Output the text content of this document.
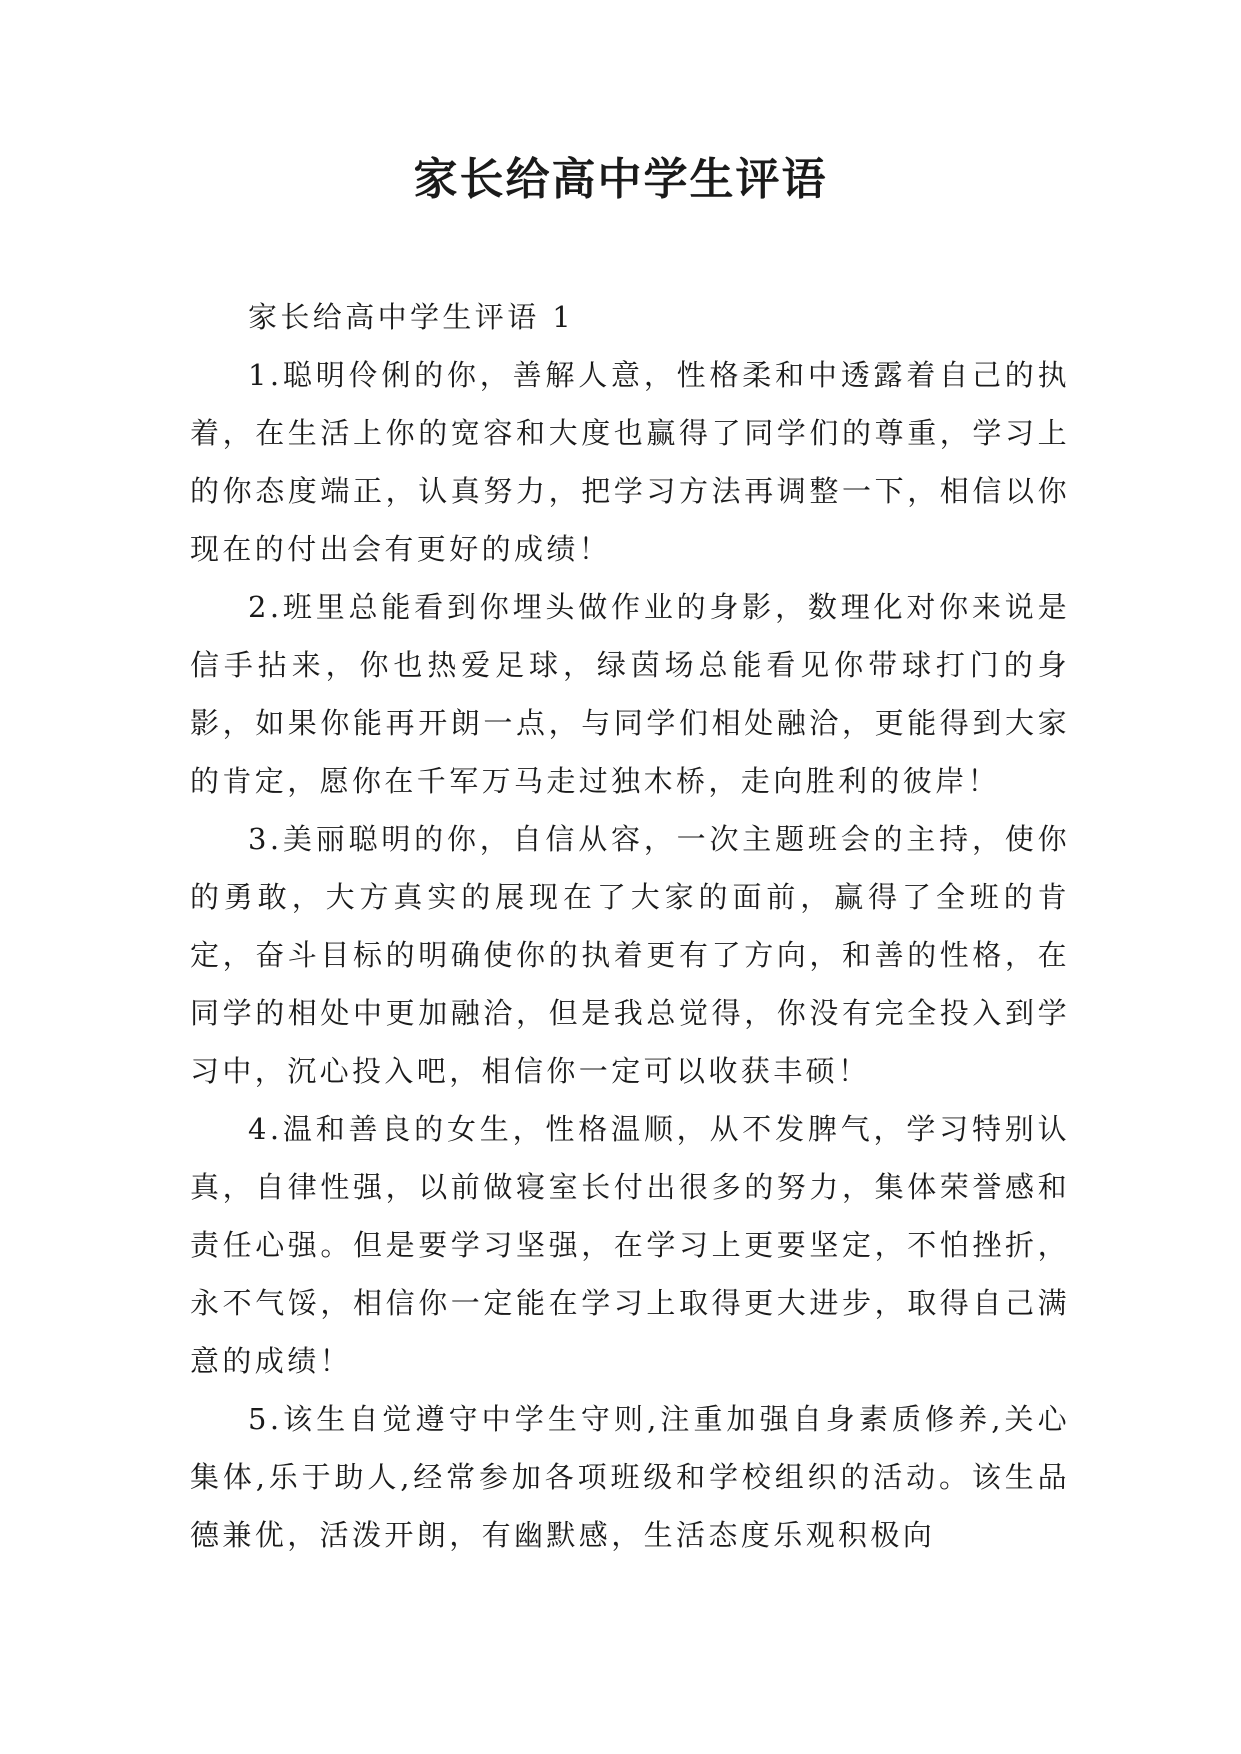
家长给高中学生评语

家长给高中学生评语 1

1.聪明伶俐的你，善解人意，性格柔和中透露着自己的执着，在生活上你的宽容和大度也赢得了同学们的尊重，学习上的你态度端正，认真努力，把学习方法再调整一下，相信以你现在的付出会有更好的成绩！

2.班里总能看到你埋头做作业的身影，数理化对你来说是信手拈来，你也热爱足球，绿茵场总能看见你带球打门的身影，如果你能再开朗一点，与同学们相处融洽，更能得到大家的肯定，愿你在千军万马走过独木桥，走向胜利的彼岸！

3.美丽聪明的你，自信从容，一次主题班会的主持，使你的勇敢，大方真实的展现在了大家的面前，赢得了全班的肯定，奋斗目标的明确使你的执着更有了方向，和善的性格，在同学的相处中更加融洽，但是我总觉得，你没有完全投入到学习中，沉心投入吧，相信你一定可以收获丰硕！

4.温和善良的女生，性格温顺，从不发脾气，学习特别认真，自律性强，以前做寝室长付出很多的努力，集体荣誉感和责任心强。但是要学习坚强，在学习上更要坚定，不怕挫折，永不气馁，相信你一定能在学习上取得更大进步，取得自己满意的成绩！

5.该生自觉遵守中学生守则,注重加强自身素质修养,关心集体,乐于助人,经常参加各项班级和学校组织的活动。该生品德兼优，活泼开朗，有幽默感，生活态度乐观积极向
